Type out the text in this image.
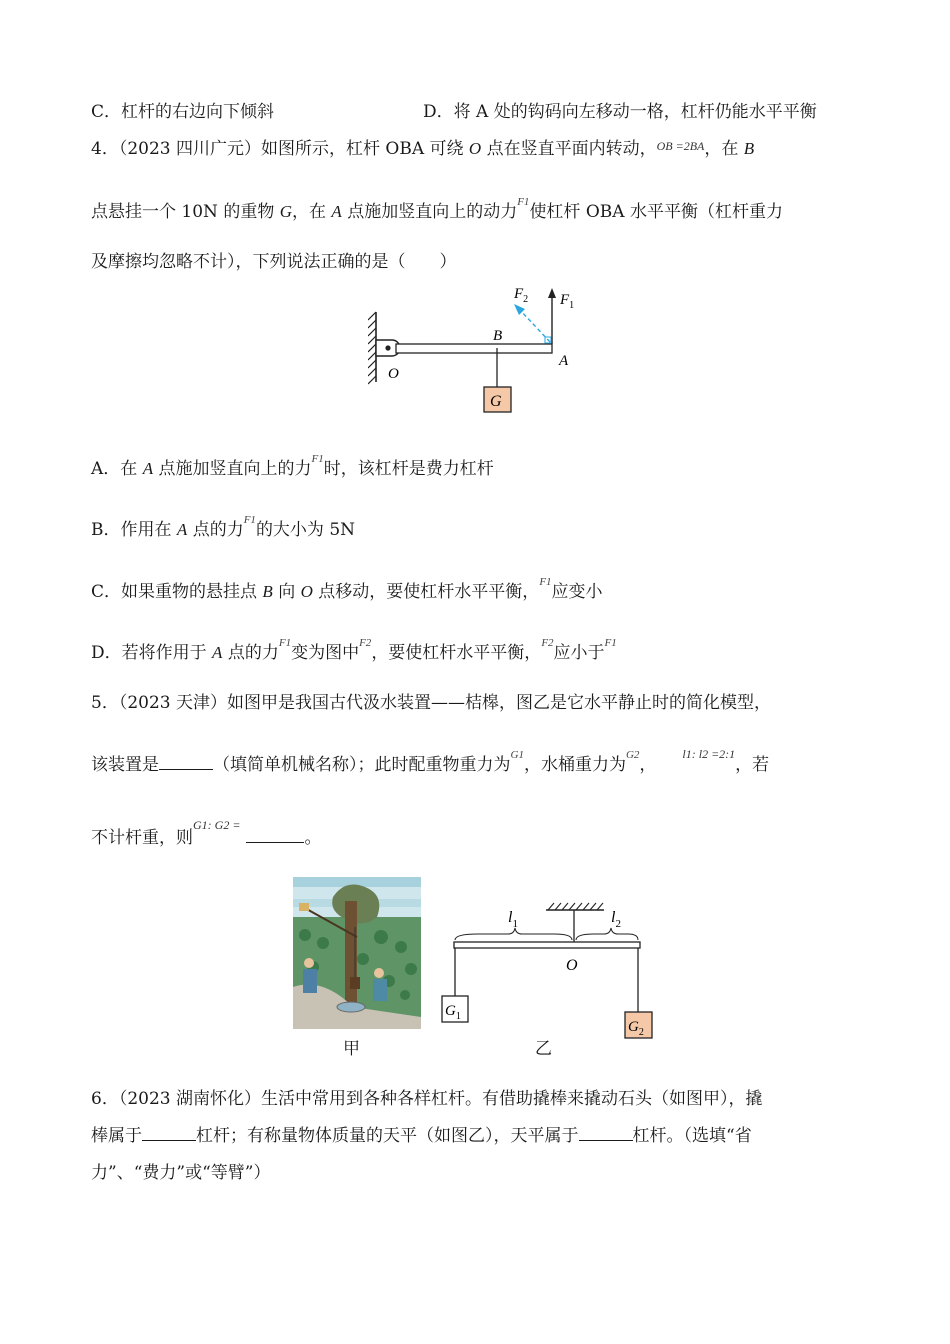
C．杠杆的右边向下倾斜	D．将 A 处的钩码向左移动一格，杠杆仍能水平平衡
4．（2023 四川广元）如图所示，杠杆 OBA 可绕 O 点在竖直平面内转动，$^{OB =2BA}$，在 B
点悬挂一个 10N 的重物 G，在 A 点施加竖直向上的动力$^{F1}$使杠杆 OBA 水平平衡（杠杆重力
及摩擦均忽略不计），下列说法正确的是（　　）
G
$F_1$
$F_2$
B
O
A
A．在 A 点施加竖直向上的力$^{F1}$时，该杠杆是费力杠杆
B．作用在 A 点的力$^{F1}$的大小为 5N
C．如果重物的悬挂点 B 向 O 点移动，要使杠杆水平平衡，$^{F1}$应变小
D．若将作用于 A 点的力$^{F1}$变为图中$^{F2}$，要使杠杆水平平衡，$^{F2}$应小于$^{F1}$
5．（2023 天津）如图甲是我国古代汲水装置——桔槔，图乙是它水平静止时的简化模型，
该装置是	（填简单机械名称）；此时配重物重力为$^{G1}$，水桶重力为$^{G2}$，$^{l1: l2 =2:1}$，若
不计杆重，则$^{G1: G2 =}$。
甲
$l_1$	$l_2$
O
$G_1$
$G_2$
乙
6．（2023 湖南怀化）生活中常用到各种各样杠杆。有借助撬棒来撬动石头（如图甲），撬
棒属于	杠杆；有称量物体质量的天平（如图乙），天平属于	杠杆。（选填“省
力”、“费力”或“等臂”）
